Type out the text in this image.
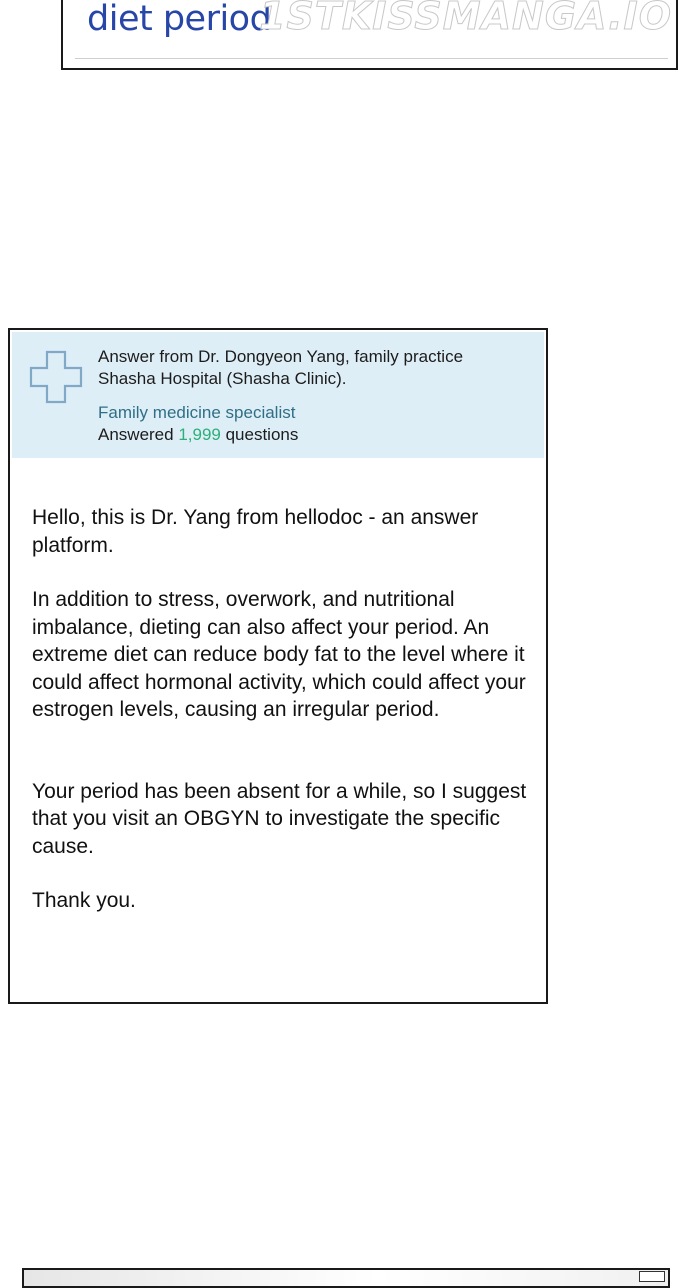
diet period
1STKISSMANGA.IO
Answer from Dr. Dongyeon Yang, family practice
Shasha Hospital (Shasha Clinic).
Family medicine specialist
Answered 1,999 questions

Hello, this is Dr. Yang from hellodoc - an answer platform.

In addition to stress, overwork, and nutritional imbalance, dieting can also affect your period. An extreme diet can reduce body fat to the level where it could affect hormonal activity, which could affect your estrogen levels, causing an irregular period.

Your period has been absent for a while, so I suggest that you visit an OBGYN to investigate the specific cause.

Thank you.
